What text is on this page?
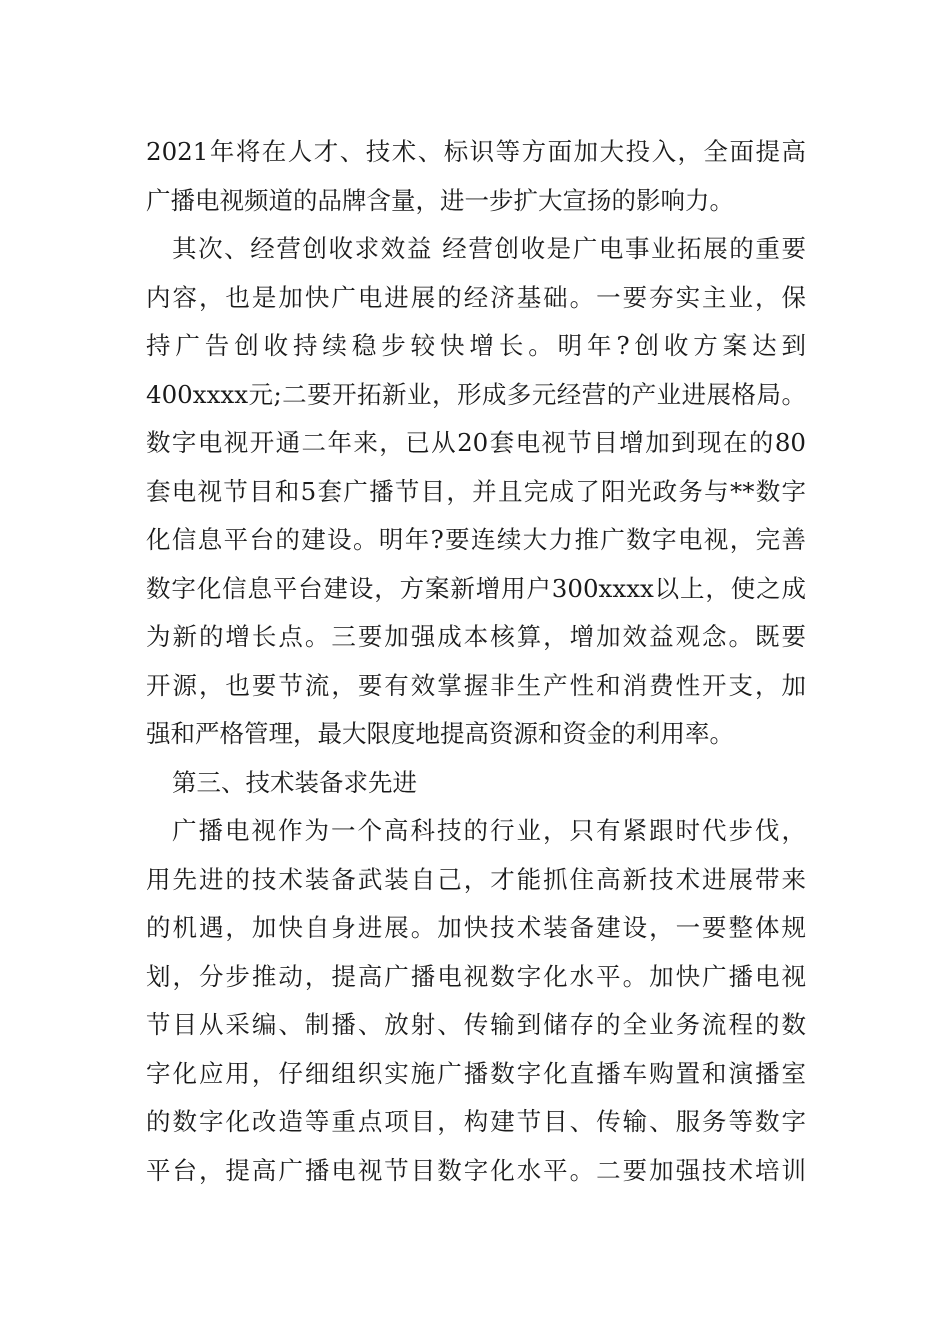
2021年将在人才、技术、标识等方面加大投入，全面提高
广播电视频道的品牌含量，进一步扩大宣扬的影响力。
其次、经营创收求效益 经营创收是广电事业拓展的重要
内容，也是加快广电进展的经济基础。一要夯实主业，保
持广告创收持续稳步较快增长。明年?创收方案达到
400xxxx元;二要开拓新业，形成多元经营的产业进展格局。
数字电视开通二年来，已从20套电视节目增加到现在的80
套电视节目和5套广播节目，并且完成了阳光政务与**数字
化信息平台的建设。明年?要连续大力推广数字电视，完善
数字化信息平台建设，方案新增用户300xxxx以上，使之成
为新的增长点。三要加强成本核算，增加效益观念。既要
开源，也要节流，要有效掌握非生产性和消费性开支，加
强和严格管理，最大限度地提高资源和资金的利用率。
第三、技术装备求先进
广播电视作为一个高科技的行业，只有紧跟时代步伐，
用先进的技术装备武装自己，才能抓住高新技术进展带来
的机遇，加快自身进展。加快技术装备建设，一要整体规
划，分步推动，提高广播电视数字化水平。加快广播电视
节目从采编、制播、放射、传输到储存的全业务流程的数
字化应用，仔细组织实施广播数字化直播车购置和演播室
的数字化改造等重点项目，构建节目、传输、服务等数字
平台，提高广播电视节目数字化水平。二要加强技术培训
